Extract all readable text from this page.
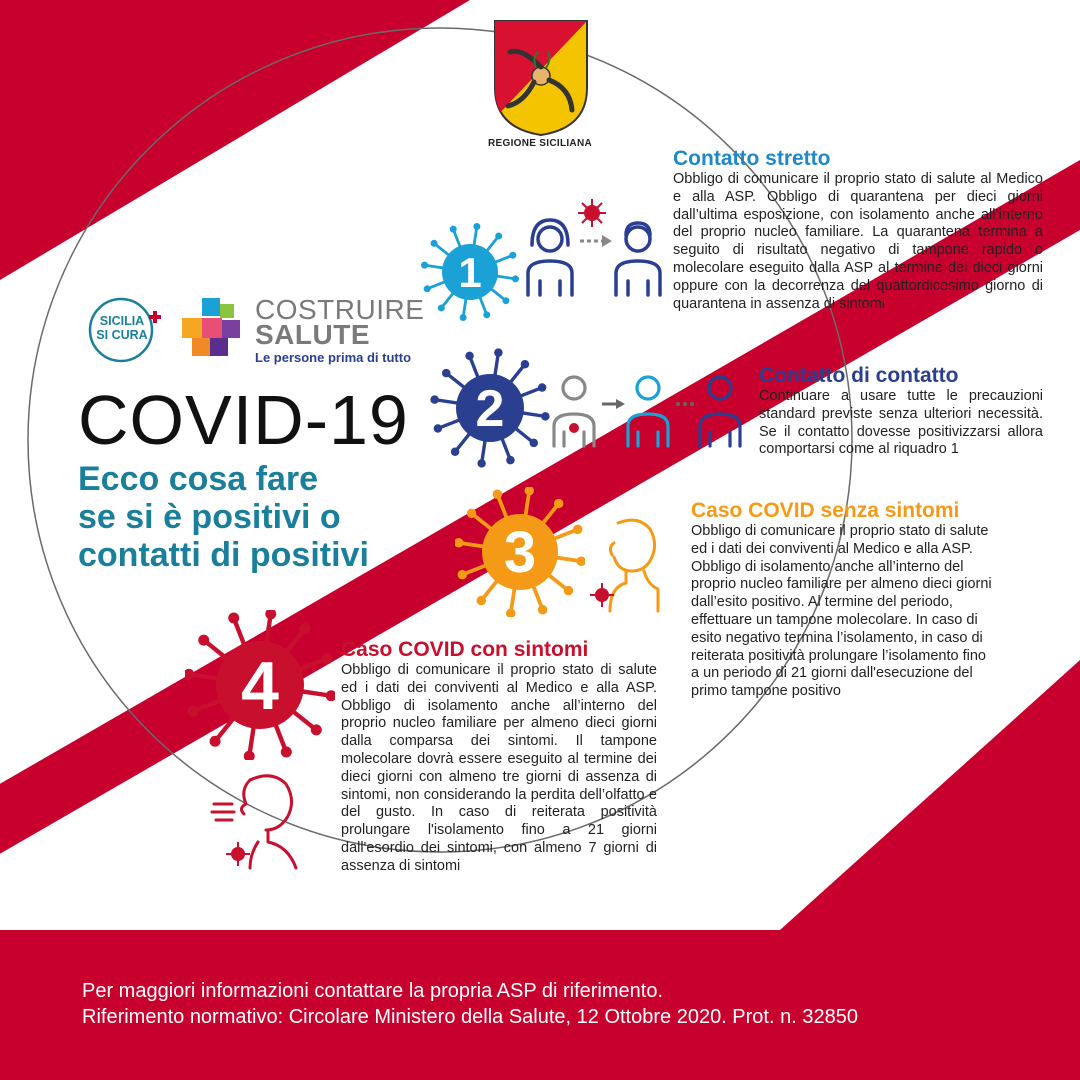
REGIONE SICILIANA
SICILIA
SI CURA
COSTRUIRE
SALUTE
Le persone prima di tutto
COVID-19
Ecco cosa fare
se si è positivi o
contatti di positivi
1
2
3
4
Contatto stretto

Obbligo di comunicare il proprio stato di salute al Medico e alla ASP. Obbligo di quarantena per dieci giorni dall’ultima esposizione, con isolamento anche all’interno del proprio nucleo familiare. La quarantena termina a seguito di risultato negativo di tampone rapido o molecolare eseguito dalla ASP al termine dei dieci giorni oppure con la decorrenza del quattordicesimo giorno di quarantena in assenza di sintomi

Contatto di contatto

Continuare a usare tutte le precauzioni standard previste senza ulteriori necessità. Se il contatto dovesse positivizzarsi allora comportarsi come al riquadro 1

Caso COVID senza sintomi

Obbligo di comunicare il proprio stato di salute ed i dati dei conviventi al Medico e alla ASP. Obbligo di isolamento anche all’interno del proprio nucleo familiare per almeno dieci giorni dall’esito positivo. Al termine del periodo, effettuare un tampone molecolare. In caso di esito negativo termina l’isolamento, in caso di reiterata positività prolungare l’isolamento fino a un periodo di 21 giorni dall'esecuzione del primo tampone positivo

Caso COVID con sintomi

Obbligo di comunicare il proprio stato di salute ed i dati dei conviventi al Medico e alla ASP. Obbligo di isolamento anche all’interno del proprio nucleo familiare per almeno dieci giorni dalla comparsa dei sintomi. Il tampone molecolare dovrà essere eseguito al termine dei dieci giorni con almeno tre giorni di assenza di sintomi, non considerando la perdita dell’olfatto e del gusto. In caso di reiterata positività prolungare l'isolamento fino a 21 giorni dall'esordio dei sintomi, con almeno 7 giorni di assenza di sintomi

Per maggiori informazioni contattare la propria ASP di riferimento.

Riferimento normativo: Circolare Ministero della Salute, 12 Ottobre 2020. Prot. n. 32850
